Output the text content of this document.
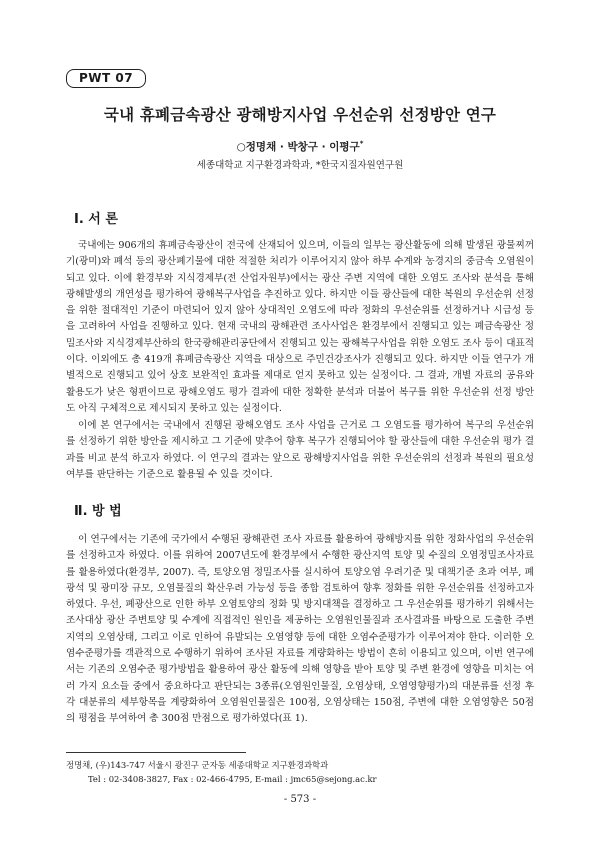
PWT 07
국내 휴폐금속광산 광해방지사업 우선순위 선정방안 연구
○정명채 · 박창구 · 이평구*
세종대학교 지구환경과학과, *한국지질자원연구원
Ⅰ. 서 론

국내에는 906개의 휴폐금속광산이 전국에 산재되어 있으며, 이들의 일부는 광산활동에 의해 발생된 광물찌꺼기(광미)와 폐석 등의 광산폐기물에 대한 적절한 처리가 이루어지지 않아 하부 수계와 농경지의 중금속 오염원이 되고 있다. 이에 환경부와 지식경제부(전 산업자원부)에서는 광산 주변 지역에 대한 오염도 조사와 분석을 통해 광해발생의 개연성을 평가하여 광해복구사업을 추진하고 있다. 하지만 이들 광산들에 대한 복원의 우선순위 선정을 위한 절대적인 기준이 마련되어 있지 않아 상대적인 오염도에 따라 정화의 우선순위를 선정하거나 시급성 등을 고려하여 사업을 진행하고 있다. 현재 국내의 광해관련 조사사업은 환경부에서 진행되고 있는 폐금속광산 정밀조사와 지식경제부산하의 한국광해관리공단에서 진행되고 있는 광해복구사업을 위한 오염도 조사 등이 대표적이다. 이외에도 총 419개 휴폐금속광산 지역을 대상으로 주민건강조사가 진행되고 있다. 하지만 이들 연구가 개별적으로 진행되고 있어 상호 보완적인 효과를 제대로 얻지 못하고 있는 실정이다. 그 결과, 개별 자료의 공유와 활용도가 낮은 형편이므로 광해오염도 평가 결과에 대한 정확한 분석과 더불어 복구를 위한 우선순위 선정 방안도 아직 구체적으로 제시되지 못하고 있는 실정이다.

이에 본 연구에서는 국내에서 진행된 광해오염도 조사 사업을 근거로 그 오염도를 평가하여 복구의 우선순위를 선정하기 위한 방안을 제시하고 그 기준에 맞추어 향후 복구가 진행되어야 할 광산들에 대한 우선순위 평가 결과를 비교 분석 하고자 하였다. 이 연구의 결과는 앞으로 광해방지사업을 위한 우선순위의 선정과 복원의 필요성 여부를 판단하는 기준으로 활용될 수 있을 것이다.

Ⅱ. 방 법

이 연구에서는 기존에 국가에서 수행된 광해관련 조사 자료를 활용하여 광해방지를 위한 정화사업의 우선순위를 선정하고자 하였다. 이를 위하여 2007년도에 환경부에서 수행한 광산지역 토양 및 수질의 오염정밀조사자료를 활용하였다(환경부, 2007). 즉, 토양오염 정밀조사를 실시하여 토양오염 우려기준 및 대책기준 초과 여부, 폐광석 및 광미장 규모, 오염물질의 확산우려 가능성 등을 종합 검토하여 향후 정화를 위한 우선순위를 선정하고자 하였다. 우선, 폐광산으로 인한 하부 오염토양의 정화 및 방지대책을 결정하고 그 우선순위를 평가하기 위해서는 조사대상 광산 주변토양 및 수계에 직접적인 원인을 제공하는 오염원인물질과 조사결과를 바탕으로 도출한 주변지역의 오염상태, 그리고 이로 인하여 유발되는 오염영향 등에 대한 오염수준평가가 이루어져야 한다. 이러한 오염수준평가를 객관적으로 수행하기 위하여 조사된 자료를 계량화하는 방법이 흔히 이용되고 있으며, 이번 연구에서는 기존의 오염수준 평가방법을 활용하여 광산 활동에 의해 영향을 받아 토양 및 주변 환경에 영향을 미치는 여러 가지 요소들 중에서 중요하다고 판단되는 3종류(오염원인물질, 오염상태, 오염영향평가)의 대분류를 선정 후 각 대분류의 세부항목을 계량화하여 오염원인물질은 100점, 오염상태는 150점, 주변에 대한 오염영향은 50점의 평점을 부여하여 총 300점 만점으로 평가하였다(표 1).

정명채, (우)143-747 서울시 광진구 군자동 세종대학교 지구환경과학과
Tel : 02-3408-3827, Fax : 02-466-4795, E-mail : jmc65@sejong.ac.kr
- 573 -
